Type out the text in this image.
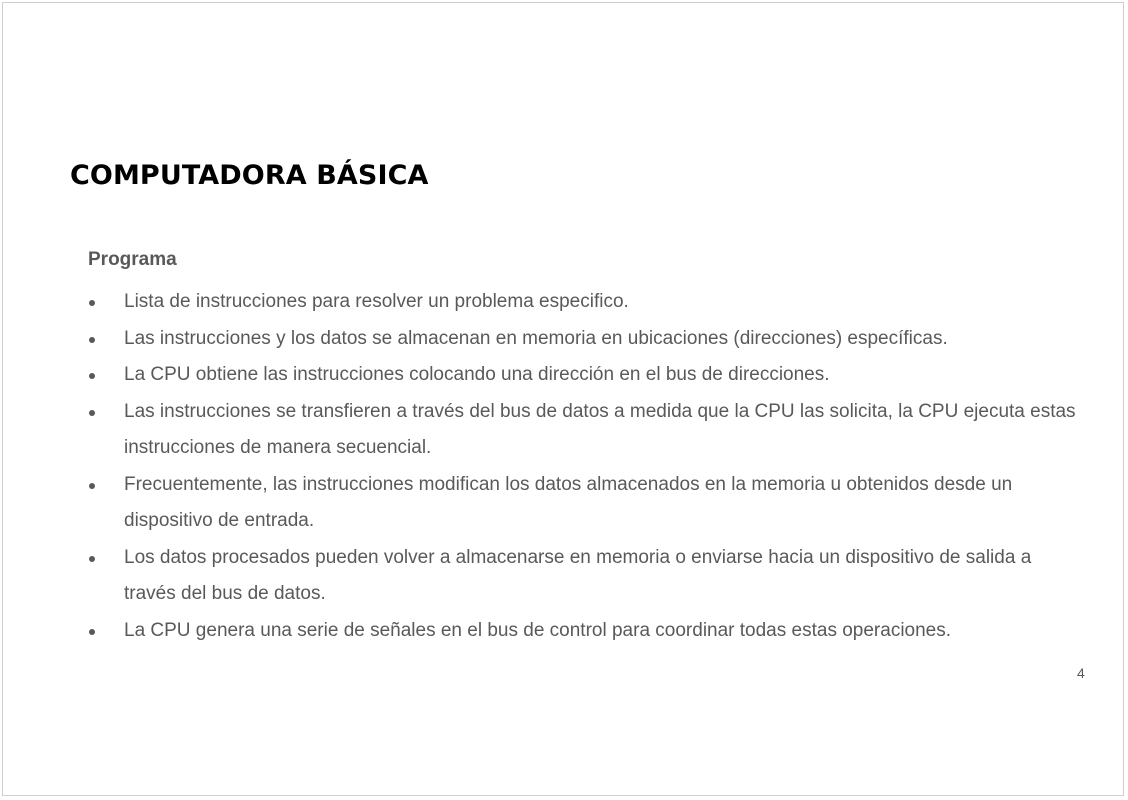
COMPUTADORA BÁSICA
Programa
Lista de instrucciones para resolver un problema especifico.
Las instrucciones y los datos se almacenan en memoria en ubicaciones (direcciones) específicas.
La CPU obtiene las instrucciones colocando una dirección en el bus de direcciones.
Las instrucciones se transfieren a través del bus de datos a medida que la CPU las solicita, la CPU ejecuta estas instrucciones de manera secuencial.
Frecuentemente, las instrucciones modifican los datos almacenados en la memoria u obtenidos desde un dispositivo de entrada.
Los datos procesados pueden volver a almacenarse en memoria o enviarse hacia un dispositivo de salida a través del bus de datos.
La CPU genera una serie de señales en el bus de control para coordinar todas estas operaciones.
4
